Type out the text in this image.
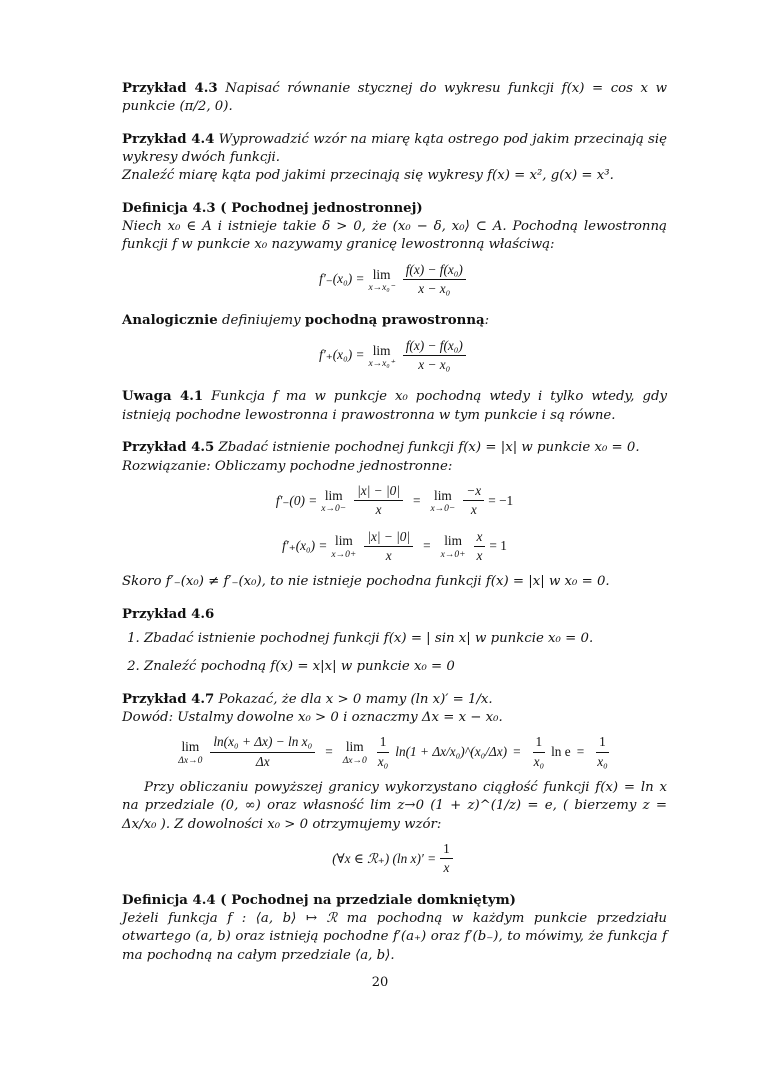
Przykład 4.3 Napisać równanie stycznej do wykresu funkcji f(x) = cos x w punkcie (π/2, 0).
Przykład 4.4 Wyprowadzić wzór na miarę kąta ostrego pod jakim przecinają się wykresy dwóch funkcji.
Znaleźć miarę kąta pod jakimi przecinają się wykresy f(x) = x², g(x) = x³.
Definicja 4.3 ( Pochodnej jednostronnej)
Niech x₀ ∈ A i istnieje takie δ > 0, że (x₀ − δ, x₀⟩ ⊂ A. Pochodną lewostronną funkcji f w punkcie x₀ nazywamy granicę lewostronną właściwą:
f′₋(x₀) = lim
$x\to x_0^- \frac{\text{f(x) − f(x₀)}}{\text{x − x₀}}$
Analogicznie definiujemy pochodną prawostronną:
f′₊(x₀) = lim
$x\to x_0^+ \frac{\text{f(x) − f(x₀)}}{\text{x − x₀}}$
Uwaga 4.1 Funkcja f ma w punkcje x₀ pochodną wtedy i tylko wtedy, gdy istnieją pochodne lewostronna i prawostronna w tym punkcie i są równe.
Przykład 4.5 Zbadać istnienie pochodnej funkcji f(x) = |x| w punkcie x₀ = 0.
Rozwiązanie: Obliczamy pochodne jednostronne:
f′₋(0) = lim
$x\to 0- \frac{|x| - |0|}{x} = \lim$
$x\to 0- \frac{-x}{x} = -1$
f′₊(x₀) = lim
$x\to 0+ \frac{|x| - |0|}{x} = \lim$
$x\to 0+ \frac{x}{x} = 1$
Skoro f′₋(x₀) ≠ f′₋(x₀), to nie istnieje pochodna funkcji f(x) = |x| w x₀ = 0.
Przykład 4.6
1. Zbadać istnienie pochodnej funkcji f(x) = | sin x| w punkcie x₀ = 0.
2. Znaleźć pochodną f(x) = x|x| w punkcie x₀ = 0
Przykład 4.7 Pokazać, że dla x > 0 mamy (ln x)′ = 1/x.
Dowód: Ustalmy dowolne x₀ > 0 i oznaczmy Δx = x − x₀.
lim
$\Delta x\to 0 \frac{\text{ln(x₀ + Δx) − ln x₀}}{\Delta x} = \lim$
$\Delta x\to 0 \frac{1}{\text{x₀}} \ln(1$ + Δx/x₀)^(x₀/Δx) = $\frac{1}{\text{x₀}}$ $\ln e = \frac{1}{\text{x₀}}$
Przy obliczaniu powyższej granicy wykorzystano ciągłość funkcji f(x) = ln x na przedziale (0, ∞) oraz własność lim z→0 (1 + z)^(1/z) = e, ( bierzemy z = Δx/x₀ ). Z dowolności x₀ > 0 otrzymujemy wzór:
(∀x ∈ ℛ₊) (ln $x)' = \frac{1}{x}$
Definicja 4.4 ( Pochodnej na przedziale domkniętym)
Jeżeli funkcja f : ⟨a, b⟩ ↦ ℛ ma pochodną w każdym punkcie przedziału otwartego (a, b) oraz istnieją pochodne f′(a₊) oraz f′(b₋), to mówimy, że funkcja f ma pochodną na całym przedziale ⟨a, b⟩.
20
